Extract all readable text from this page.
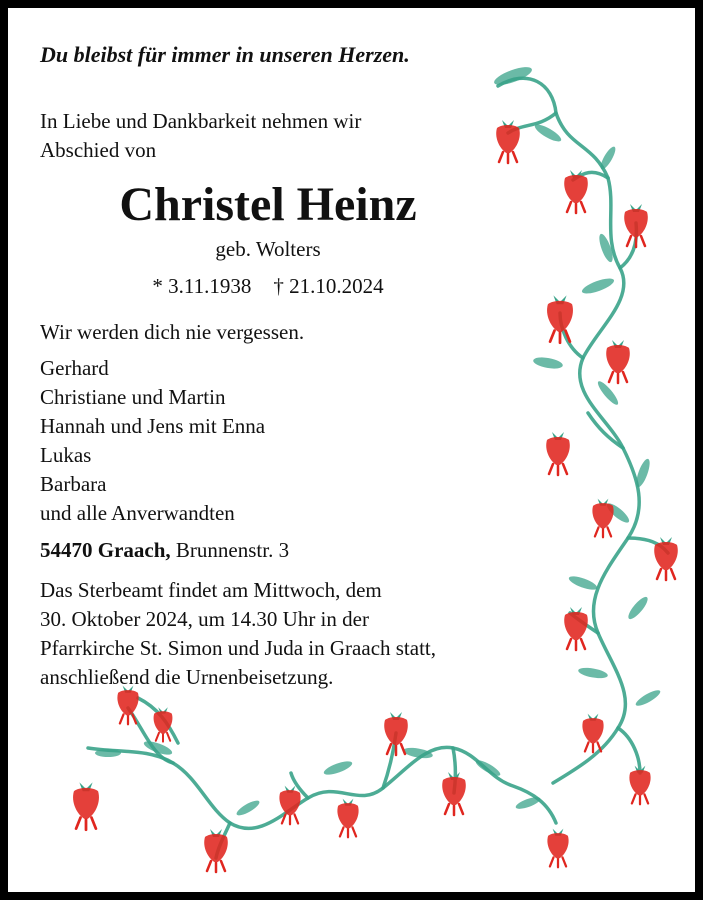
Du bleibst für immer in unseren Herzen.

In Liebe und Dankbarkeit nehmen wir
Abschied von
Christel Heinz
geb. Wolters
* 3.11.1938 † 21.10.2024

Wir werden dich nie vergessen.

Gerhard
Christiane und Martin
Hannah und Jens mit Enna
Lukas
Barbara
und alle Anverwandten

54470 Graach, Brunnenstr. 3

Das Sterbeamt findet am Mittwoch, dem
30. Oktober 2024, um 14.30 Uhr in der
Pfarrkirche St. Simon und Juda in Graach statt,
anschließend die Urnenbeisetzung.
